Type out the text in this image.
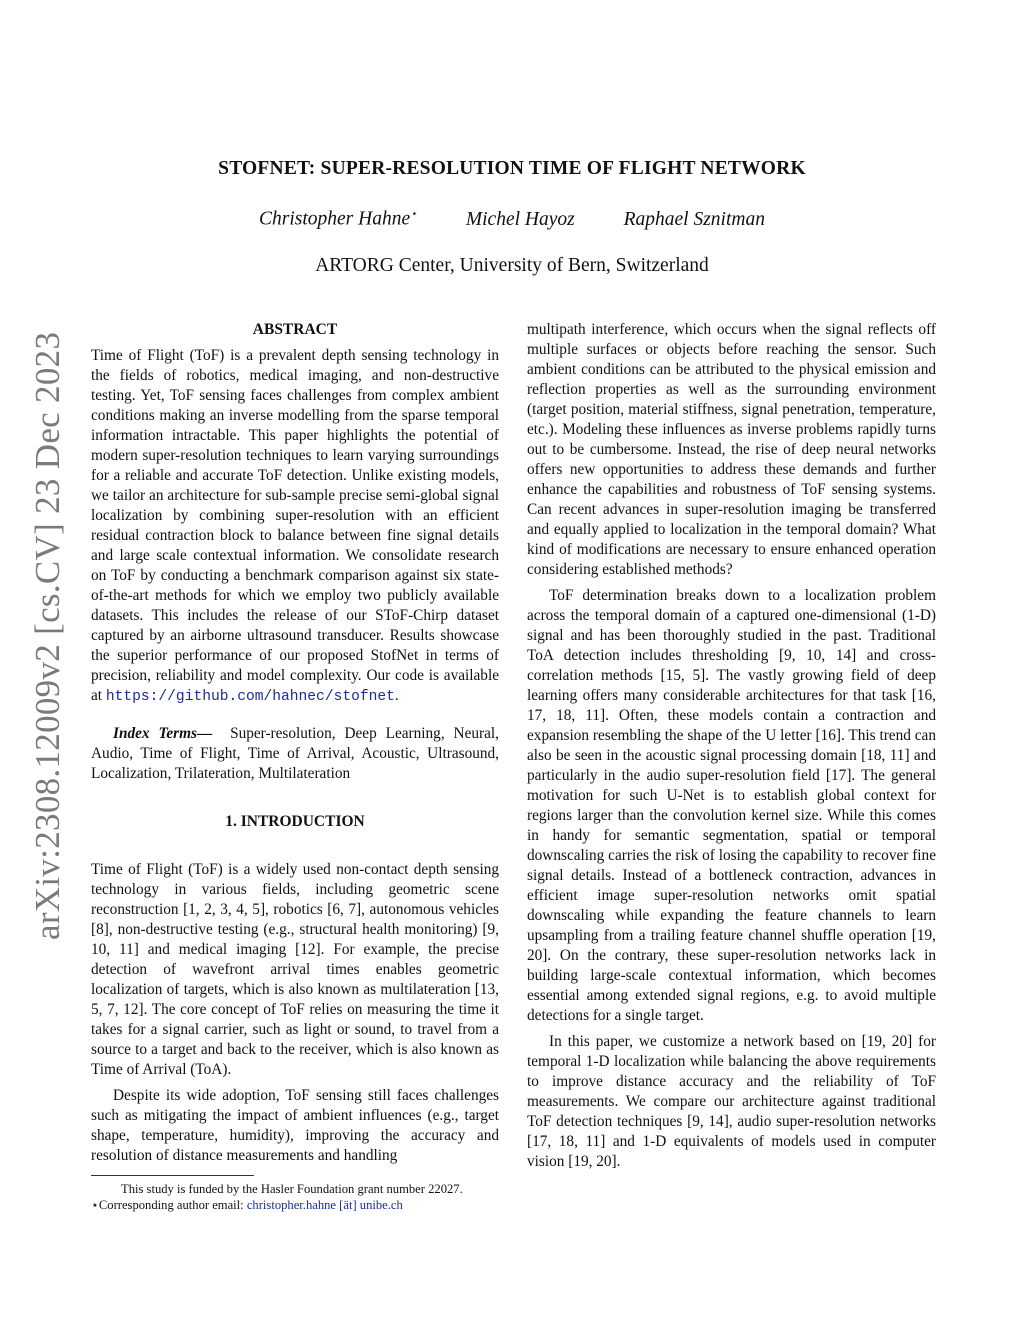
arXiv:2308.12009v2 [cs.CV] 23 Dec 2023
STOFNET: SUPER-RESOLUTION TIME OF FLIGHT NETWORK
Christopher Hahne⋆	Michel Hayoz	Raphael Sznitman
ARTORG Center, University of Bern, Switzerland
ABSTRACT

Time of Flight (ToF) is a prevalent depth sensing technology in the fields of robotics, medical imaging, and non-destructive testing. Yet, ToF sensing faces challenges from complex ambient conditions making an inverse modelling from the sparse temporal information intractable. This paper highlights the potential of modern super-resolution techniques to learn varying surroundings for a reliable and accurate ToF detection. Unlike existing models, we tailor an architecture for sub-sample precise semi-global signal localization by combining super-resolution with an efficient residual contraction block to balance between fine signal details and large scale contextual information. We consolidate research on ToF by conducting a benchmark comparison against six state-of-the-art methods for which we employ two publicly available datasets. This includes the release of our SToF-Chirp dataset captured by an airborne ultrasound transducer. Results showcase the superior performance of our proposed StofNet in terms of precision, reliability and model complexity. Our code is available at https://github.com/hahnec/stofnet.

Index Terms— Super-resolution, Deep Learning, Neural, Audio, Time of Flight, Time of Arrival, Acoustic, Ultrasound, Localization, Trilateration, Multilateration

1. INTRODUCTION

Time of Flight (ToF) is a widely used non-contact depth sensing technology in various fields, including geometric scene reconstruction [1, 2, 3, 4, 5], robotics [6, 7], autonomous vehicles [8], non-destructive testing (e.g., structural health monitoring) [9, 10, 11] and medical imaging [12]. For example, the precise detection of wavefront arrival times enables geometric localization of targets, which is also known as multilateration [13, 5, 7, 12]. The core concept of ToF relies on measuring the time it takes for a signal carrier, such as light or sound, to travel from a source to a target and back to the receiver, which is also known as Time of Arrival (ToA).

Despite its wide adoption, ToF sensing still faces challenges such as mitigating the impact of ambient influences (e.g., target shape, temperature, humidity), improving the accuracy and resolution of distance measurements and handling

multipath interference, which occurs when the signal reflects off multiple surfaces or objects before reaching the sensor. Such ambient conditions can be attributed to the physical emission and reflection properties as well as the surrounding environment (target position, material stiffness, signal penetration, temperature, etc.). Modeling these influences as inverse problems rapidly turns out to be cumbersome. Instead, the rise of deep neural networks offers new opportunities to address these demands and further enhance the capabilities and robustness of ToF sensing systems. Can recent advances in super-resolution imaging be transferred and equally applied to localization in the temporal domain? What kind of modifications are necessary to ensure enhanced operation considering established methods?

ToF determination breaks down to a localization problem across the temporal domain of a captured one-dimensional (1-D) signal and has been thoroughly studied in the past. Traditional ToA detection includes thresholding [9, 10, 14] and cross-correlation methods [15, 5]. The vastly growing field of deep learning offers many considerable architectures for that task [16, 17, 18, 11]. Often, these models contain a contraction and expansion resembling the shape of the U letter [16]. This trend can also be seen in the acoustic signal processing domain [18, 11] and particularly in the audio super-resolution field [17]. The general motivation for such U-Net is to establish global context for regions larger than the convolution kernel size. While this comes in handy for semantic segmentation, spatial or temporal downscaling carries the risk of losing the capability to recover fine signal details. Instead of a bottleneck contraction, advances in efficient image super-resolution networks omit spatial downscaling while expanding the feature channels to learn upsampling from a trailing feature channel shuffle operation [19, 20]. On the contrary, these super-resolution networks lack in building large-scale contextual information, which becomes essential among extended signal regions, e.g. to avoid multiple detections for a single target.

In this paper, we customize a network based on [19, 20] for temporal 1-D localization while balancing the above requirements to improve distance accuracy and the reliability of ToF measurements. We compare our architecture against traditional ToF detection techniques [9, 14], audio super-resolution networks [17, 18, 11] and 1-D equivalents of models used in computer vision [19, 20].

This study is funded by the Hasler Foundation grant number 22027.
⋆Corresponding author email: christopher.hahne [ät] unibe.ch
